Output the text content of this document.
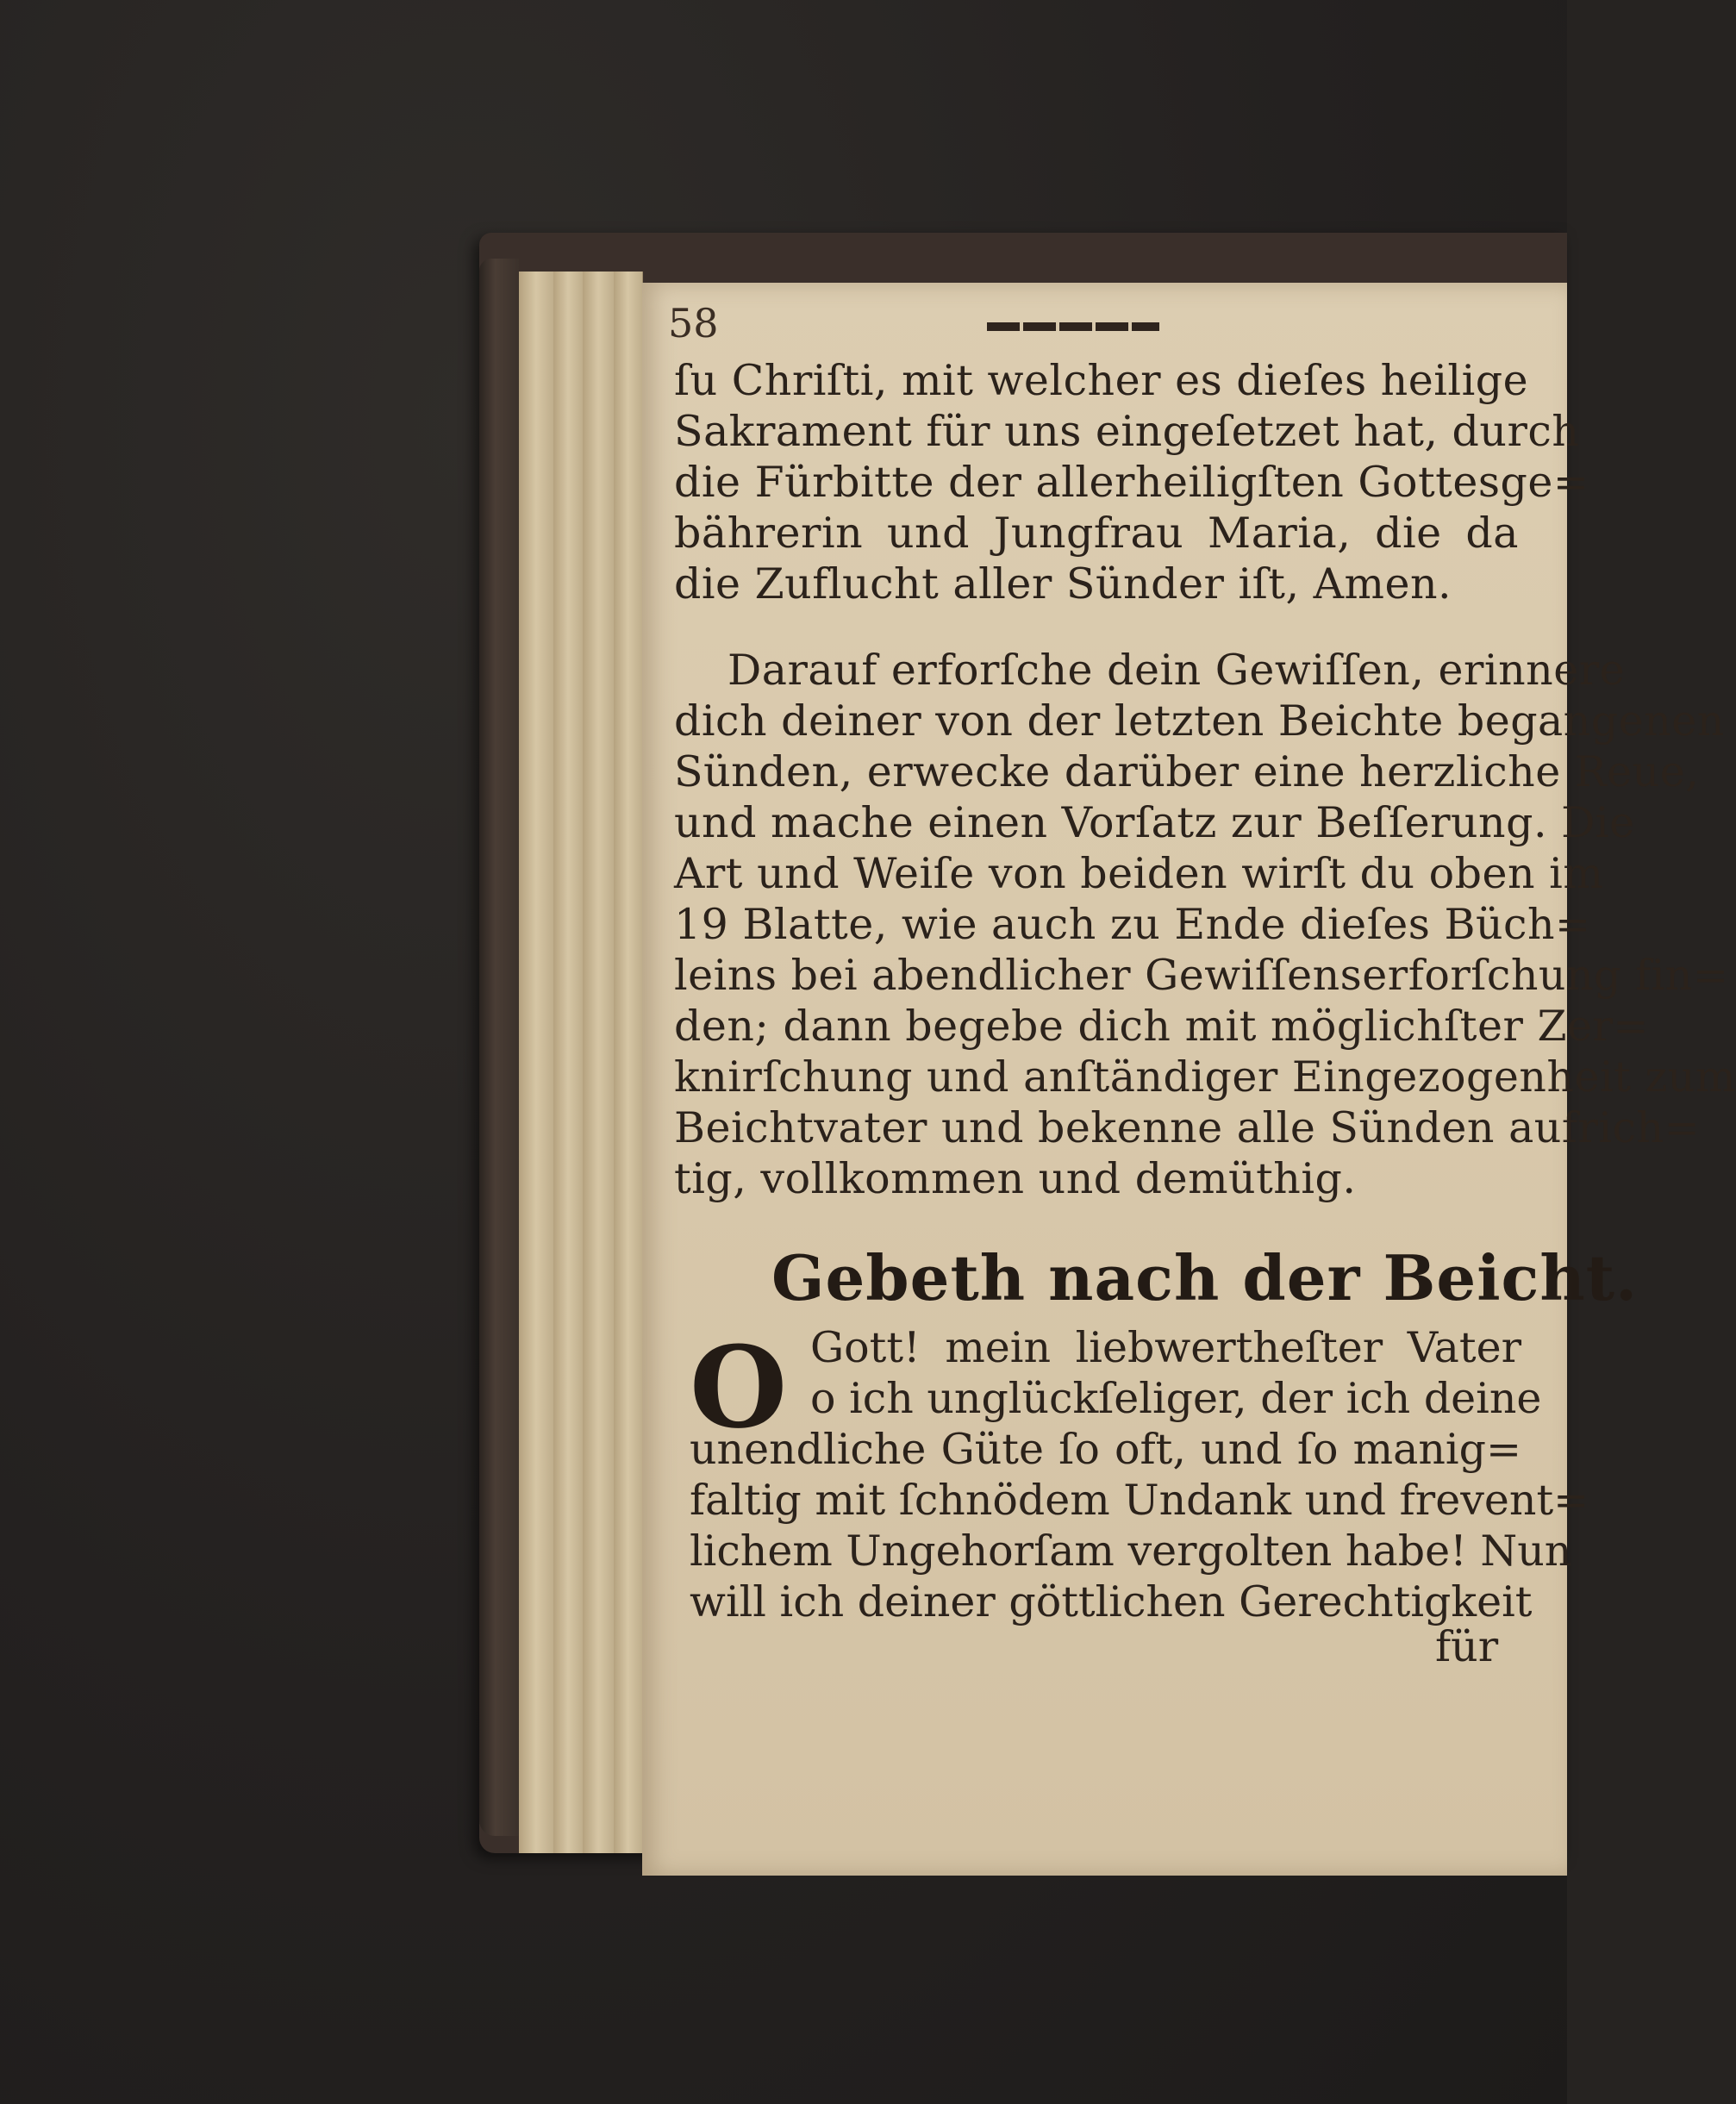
58
ſu Chriſti, mit welcher es dieſes heilige
Sakrament für uns eingeſetzet hat, durch
die Fürbitte der allerheiligſten Gottesge=
bährerin und Jungfrau Maria, die da
die Zuflucht aller Sünder iſt, Amen.
Darauf erforſche dein Gewiſſen, erinnere
dich deiner von der letzten Beichte begangenen
Sünden, erwecke darüber eine herzliche Reue,
und mache einen Vorſatz zur Beſſerung. Die
Art und Weiſe von beiden wirſt du oben im
19 Blatte, wie auch zu Ende dieſes Büch=
leins bei abendlicher Gewiſſenserforſchung fin=
den; dann begebe dich mit möglichſter Zer=
knirſchung und anſtändiger Eingezogenheit zum
Beichtvater und bekenne alle Sünden aufrich=
tig, vollkommen und demüthig.
Gebeth nach der Beicht.
O Gott! mein liebwertheſter Vater
o ich unglückſeliger, der ich deine
unendliche Güte ſo oft, und ſo manig=
faltig mit ſchnödem Undank und frevent=
lichem Ungehorſam vergolten habe! Nun
will ich deiner göttlichen Gerechtigkeit
für
